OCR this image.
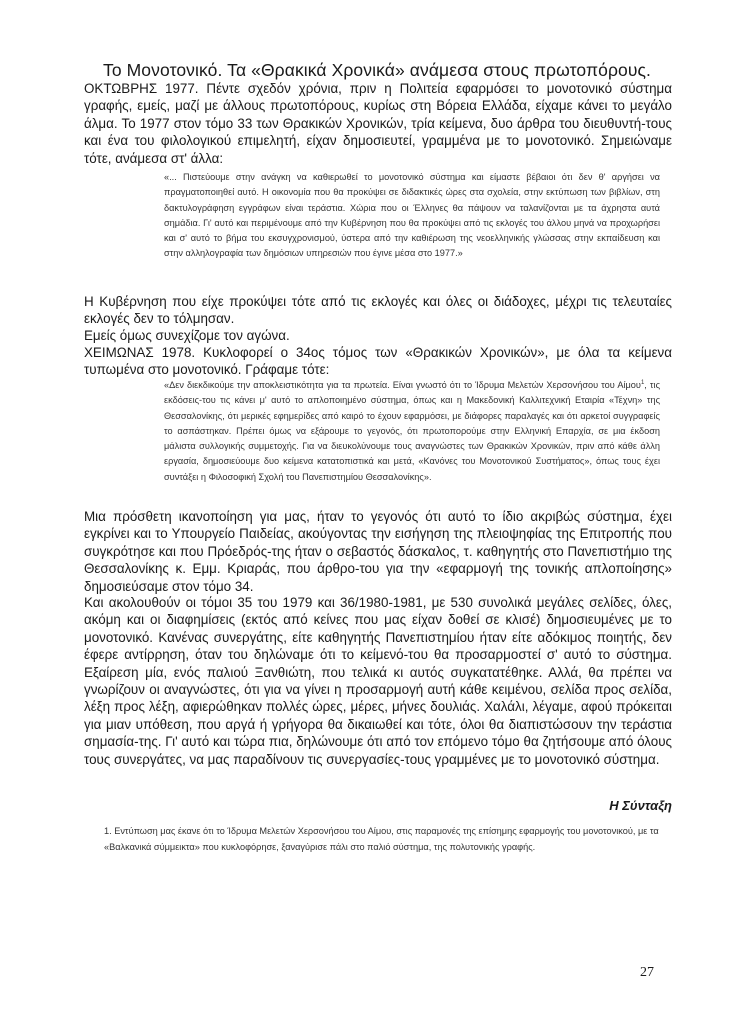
Το Μονοτονικό. Τα «Θρακικά Χρονικά» ανάμεσα στους πρωτοπόρους.
ΟΚΤΩΒΡΗΣ 1977. Πέντε σχεδόν χρόνια, πριν η Πολιτεία εφαρμόσει το μονοτονικό σύστημα γραφής, εμείς, μαζί με άλλους πρωτοπόρους, κυρίως στη Βόρεια Ελλάδα, είχαμε κάνει το μεγάλο άλμα. Το 1977 στον τόμο 33 των Θρακικών Χρονικών, τρία κείμενα, δυο άρθρα του διευθυντή-τους και ένα του φιλολογικού επιμελητή, είχαν δημοσιευτεί, γραμμένα με το μονοτονικό. Σημειώναμε τότε, ανάμεσα στ' άλλα:
«... Πιστεύουμε στην ανάγκη να καθιερωθεί το μονοτονικό σύστημα και είμαστε βέβαιοι ότι δεν θ' αργήσει να πραγματοποιηθεί αυτό. Η οικονομία που θα προκύψει σε διδακτικές ώρες στα σχολεία, στην εκτύπωση των βιβλίων, στη δακτυλογράφηση εγγράφων είναι τεράστια. Χώρια που οι Έλληνες θα πάψουν να ταλανίζονται με τα άχρηστα αυτά σημάδια. Γι' αυτό και περιμένουμε από την Κυβέρνηση που θα προκύψει από τις εκλογές του άλλου μηνά να προχωρήσει και σ' αυτό το βήμα του εκσυγχρονισμού, ύστερα από την καθιέρωση της νεοελληνικής γλώσσας στην εκπαίδευση και στην αλληλογραφία των δημόσιων υπηρεσιών που έγινε μέσα στο 1977.»
Η Κυβέρνηση που είχε προκύψει τότε από τις εκλογές και όλες οι διάδοχες, μέχρι τις τελευταίες εκλογές δεν το τόλμησαν.
Εμείς όμως συνεχίζομε τον αγώνα.
ΧΕΙΜΩΝΑΣ 1978. Κυκλοφορεί ο 34ος τόμος των «Θρακικών Χρονικών», με όλα τα κείμενα τυπωμένα στο μονοτονικό. Γράφαμε τότε:
«Δεν διεκδικούμε την αποκλειστικότητα για τα πρωτεία. Είναι γνωστό ότι το Ίδρυμα Μελετών Χερσονήσου του Αίμου$^1$, τις εκδόσεις-του τις κάνει μ' αυτό το απλοποιημένο σύστημα, όπως και η Μακεδονική Καλλιτεχνική Εταιρία «Τέχνη» της Θεσσαλονίκης, ότι μερικές εφημερίδες από καιρό το έχουν εφαρμόσει, με διάφορες παραλαγές και ότι αρκετοί συγγραφείς το ασπάστηκαν. Πρέπει όμως να εξάρουμε το γεγονός, ότι πρωτοπορούμε στην Ελληνική Επαρχία, σε μια έκδοση μάλιστα συλλογικής συμμετοχής. Για να διευκολύνουμε τους αναγνώστες των Θρακικών Χρονικών, πριν από κάθε άλλη εργασία, δημοσιεύουμε δυο κείμενα κατατοπιστικά και μετά, «Κανόνες του Μονοτονικού Συστήματος», όπως τους έχει συντάξει η Φιλοσοφική Σχολή του Πανεπιστημίου Θεσσαλονίκης».
Μια πρόσθετη ικανοποίηση για μας, ήταν το γεγονός ότι αυτό το ίδιο ακριβώς σύστημα, έχει εγκρίνει και το Υπουργείο Παιδείας, ακούγοντας την εισήγηση της πλειοψηφίας της Επιτροπής που συγκρότησε και που Πρόεδρός-της ήταν ο σεβαστός δάσκαλος, τ. καθηγητής στο Πανεπιστήμιο της Θεσσαλονίκης κ. Εμμ. Κριαράς, που άρθρο-του για την «εφαρμογή της τονικής απλοποίησης» δημοσιεύσαμε στον τόμο 34.
Και ακολουθούν οι τόμοι 35 του 1979 και 36/1980-1981, με 530 συνολικά μεγάλες σελίδες, όλες, ακόμη και οι διαφημίσεις (εκτός από κείνες που μας είχαν δοθεί σε κλισέ) δημοσιευμένες με το μονοτονικό. Κανένας συνεργάτης, είτε καθηγητής Πανεπιστημίου ήταν είτε αδόκιμος ποιητής, δεν έφερε αντίρρηση, όταν του δηλώναμε ότι το κείμενό-του θα προσαρμοστεί σ' αυτό το σύστημα. Εξαίρεση μία, ενός παλιού Ξανθιώτη, που τελικά κι αυτός συγκατατέθηκε. Αλλά, θα πρέπει να γνωρίζουν οι αναγνώστες, ότι για να γίνει η προσαρμογή αυτή κάθε κειμένου, σελίδα προς σελίδα, λέξη προς λέξη, αφιερώθηκαν πολλές ώρες, μέρες, μήνες δουλιάς. Χαλάλι, λέγαμε, αφού πρόκειται για μιαν υπόθεση, που αργά ή γρήγορα θα δικαιωθεί και τότε, όλοι θα διαπιστώσουν την τεράστια σημασία-της. Γι' αυτό και τώρα πια, δηλώνουμε ότι από τον επόμενο τόμο θα ζητήσουμε από όλους τους συνεργάτες, να μας παραδίνουν τις συνεργασίες-τους γραμμένες με το μονοτονικό σύστημα.
Η Σύνταξη
1. Εντύπωση μας έκανε ότι το Ίδρυμα Μελετών Χερσονήσου του Αίμου, στις παραμονές της επίσημης εφαρμογής του μονοτονικού, με τα «Βαλκανικά σύμμεικτα» που κυκλοφόρησε, ξαναγύρισε πάλι στο παλιό σύστημα, της πολυτονικής γραφής.
27
